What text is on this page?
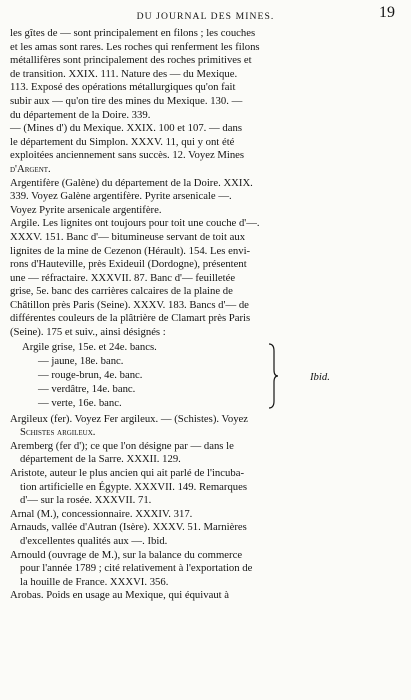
DU JOURNAL DES MINES.	19
les gîtes de — sont principalement en filons ; les couches
et les amas sont rares. Les roches qui renferment les filons
métallifères sont principalement des roches primitives et
de transition. XXIX. 111. Nature des — du Mexique.
113. Exposé des opérations métallurgiques qu'on fait
subir aux — qu'on tire des mines du Mexique. 130. —
du département de la Doire. 339.
— (Mines d') du Mexique. XXIX. 100 et 107. — dans
le département du Simplon. XXXV. 11, qui y ont été
exploitées anciennement sans succès. 12. Voyez Mines
d'Argent.
Argentifère (Galène) du département de la Doire. XXIX.
339. Voyez Galène argentifère. Pyrite arsenicale —.
Voyez Pyrite arsenicale argentifère.
Argile. Les lignites ont toujours pour toit une couche d'—.
XXXV. 151. Banc d'— bitumineuse servant de toit aux
lignites de la mine de Cezenon (Hérault). 154. Les envi-
rons d'Hauteville, près Exideuil (Dordogne), présentent
une — réfractaire. XXXVII. 87. Banc d'— feuilletée
grise, 5e. banc des carrières calcaires de la plaine de
Châtillon près Paris (Seine). XXXV. 183. Bancs d'— de
différentes couleurs de la plâtrière de Clamart près Paris
(Seine). 175 et suiv., ainsi désignés :
Argile grise, 15e. et 24e. bancs.
— jaune, 18e. banc.
— rouge-brun, 4e. banc.
— verdâtre, 14e. banc.
— verte, 16e. banc.
Ibid.
Argileux (fer). Voyez Fer argileux. — (Schistes). Voyez
Schistes argileux.
Aremberg (fer d'); ce que l'on désigne par — dans le
département de la Sarre. XXXII. 129.
Aristote, auteur le plus ancien qui ait parlé de l'incuba-
tion artificielle en Égypte. XXXVII. 149. Remarques
d'— sur la rosée. XXXVII. 71.
Arnal (M.), concessionnaire. XXXIV. 317.
Arnauds, vallée d'Autran (Isère). XXXV. 51. Marnières
d'excellentes qualités aux —. Ibid.
Arnould (ouvrage de M.), sur la balance du commerce
pour l'année 1789 ; cité relativement à l'exportation de
la houille de France. XXXVI. 356.
Arobas. Poids en usage au Mexique, qui équivaut à
